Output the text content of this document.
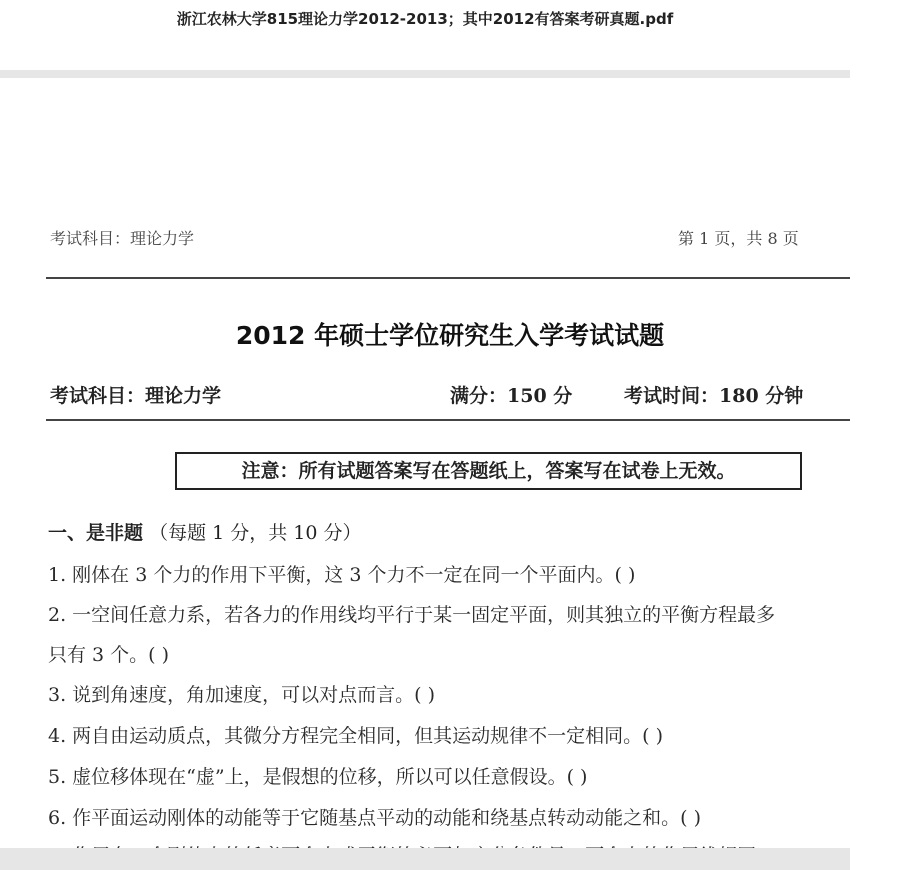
浙江农林大学815理论力学2012-2013；其中2012有答案考研真题.pdf
考试科目：理论力学	第 1 页，共 8 页
2012 年硕士学位研究生入学考试试题
考试科目：理论力学	满分：150 分	考试时间：180 分钟
注意：所有试题答案写在答题纸上，答案写在试卷上无效。
一、是非题 （每题 1 分，共 10 分）
1. 刚体在 3 个力的作用下平衡，这 3 个力不一定在同一个平面内。( )
2. 一空间任意力系，若各力的作用线均平行于某一固定平面，则其独立的平衡方程最多
只有 3 个。( )
3. 说到角速度，角加速度，可以对点而言。( )
4. 两自由运动质点，其微分方程完全相同，但其运动规律不一定相同。( )
5. 虚位移体现在“虚”上，是假想的位移，所以可以任意假设。( )
6. 作平面运动刚体的动能等于它随基点平动的动能和绕基点转动动能之和。( )
